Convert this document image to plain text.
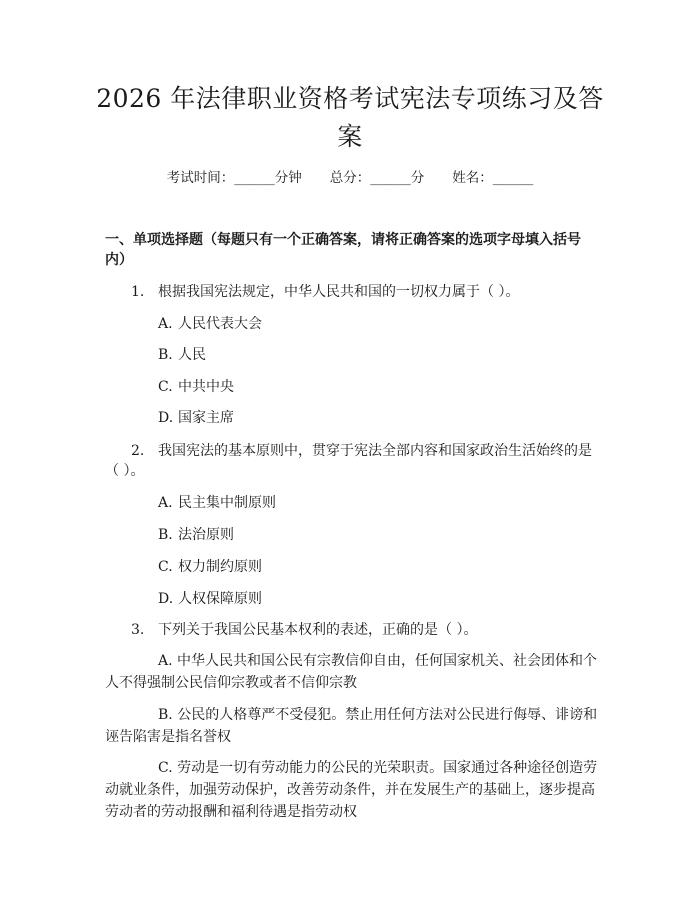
2026 年法律职业资格考试宪法专项练习及答案
考试时间：______分钟 总分：______分 姓名：______
一、单项选择题（每题只有一个正确答案，请将正确答案的选项字母填入括号内）
1. 根据我国宪法规定，中华人民共和国的一切权力属于（ ）。
A. 人民代表大会
B. 人民
C. 中共中央
D. 国家主席
2. 我国宪法的基本原则中，贯穿于宪法全部内容和国家政治生活始终的是（ ）。
A. 民主集中制原则
B. 法治原则
C. 权力制约原则
D. 人权保障原则
3. 下列关于我国公民基本权利的表述，正确的是（ ）。
A. 中华人民共和国公民有宗教信仰自由，任何国家机关、社会团体和个人不得强制公民信仰宗教或者不信仰宗教
B. 公民的人格尊严不受侵犯。禁止用任何方法对公民进行侮辱、诽谤和诬告陷害是指名誉权
C. 劳动是一切有劳动能力的公民的光荣职责。国家通过各种途径创造劳动就业条件，加强劳动保护，改善劳动条件，并在发展生产的基础上，逐步提高劳动者的劳动报酬和福利待遇是指劳动权
